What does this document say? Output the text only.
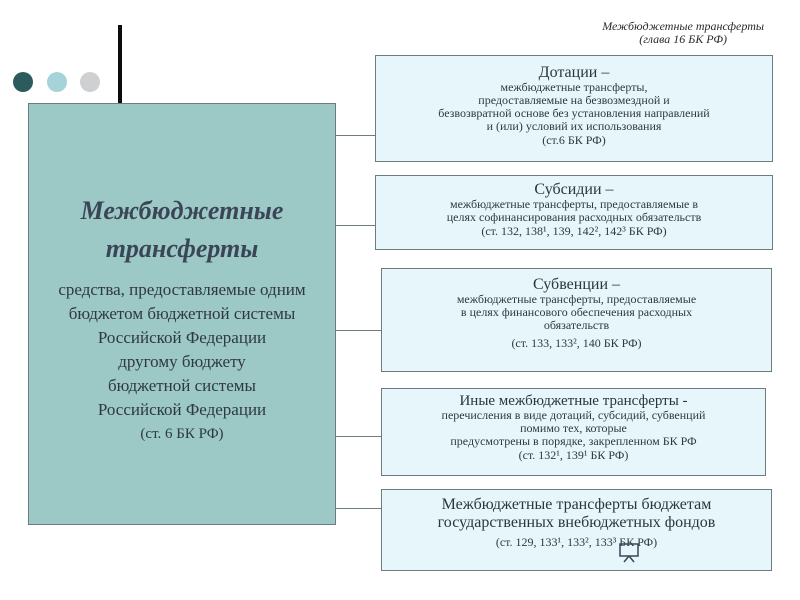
Межбюджетные трансферты
(глава 16 БК РФ)
Межбюджетные
трансферты
средства, предоставляемые одним
бюджетом бюджетной системы
Российской Федерации
другому бюджету
бюджетной системы
Российской Федерации
(ст. 6 БК РФ)
Дотации –
межбюджетные трансферты,
предоставляемые на безвозмездной и
безвозвратной основе без установления направлений
и (или) условий их использования
(ст.6 БК РФ)
Субсидии –
межбюджетные трансферты, предоставляемые в
целях софинансирования расходных обязательств
(ст. 132, 138¹, 139, 142², 142³ БК РФ)
Субвенции –
межбюджетные трансферты, предоставляемые
в целях финансового обеспечения расходных
обязательств
(ст. 133, 133², 140 БК РФ)
Иные межбюджетные трансферты -
перечисления в виде дотаций, субсидий, субвенций
помимо тех, которые
предусмотрены в порядке, закрепленном БК РФ
(ст. 132¹, 139¹ БК РФ)
Межбюджетные трансферты бюджетам
государственных внебюджетных фондов
(ст. 129, 133¹, 133², 133³ БК РФ)
